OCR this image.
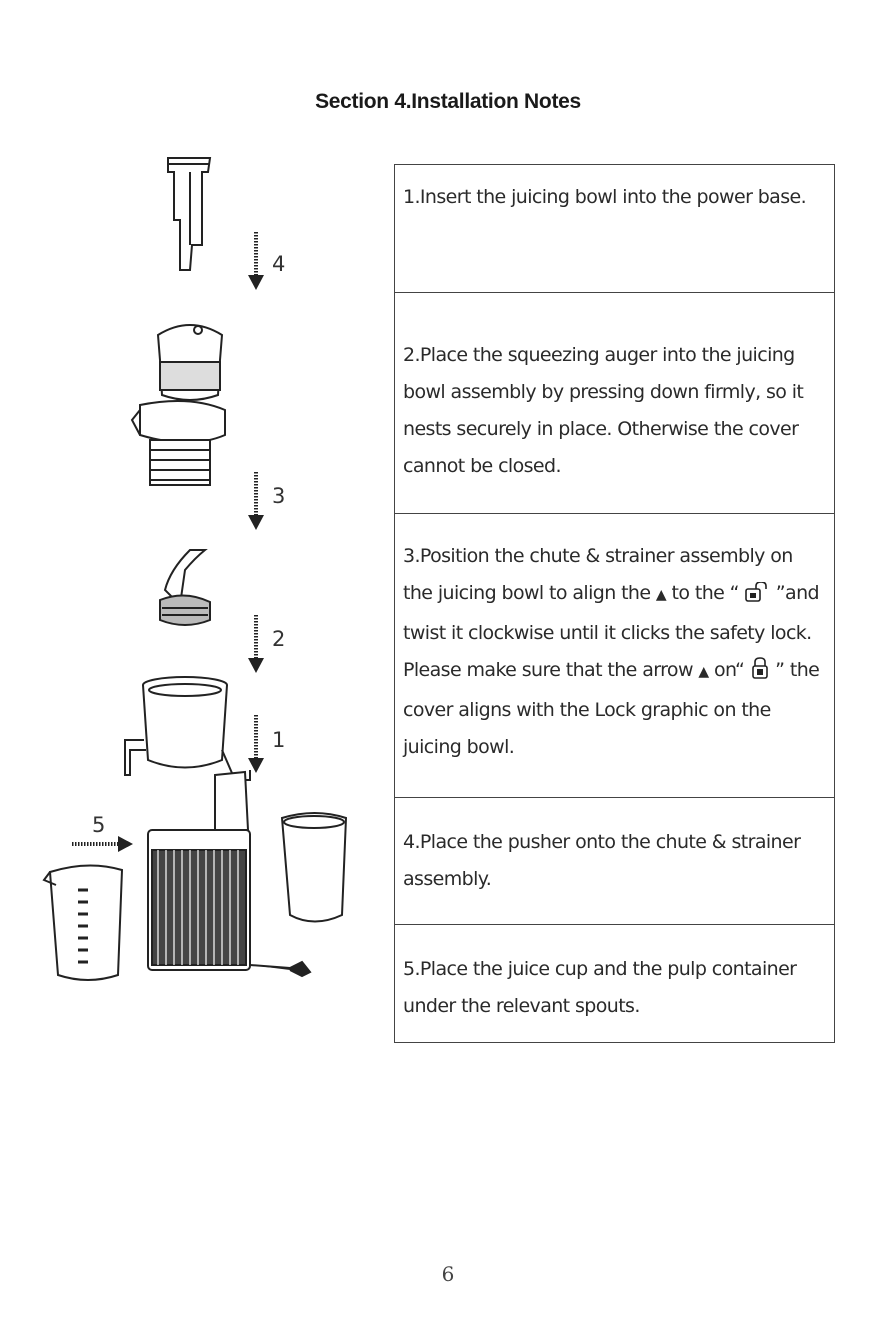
Section 4.Installation Notes
4
3
2
1
5
1.Insert the juicing bowl into the power base.
2.Place the squeezing auger into the juicing bowl assembly by pressing down firmly, so it nests securely in place. Otherwise the cover cannot be closed.
3.Position the chute & strainer assembly on the juicing bowl to align the ▲ to the “  ”and twist it clockwise until it clicks the safety lock. Please make sure that the arrow ▲ on“  ” the cover aligns with the Lock graphic on the juicing bowl.
4.Place the pusher onto the chute & strainer assembly.
5.Place the juice cup and the pulp container under the relevant spouts.
6
